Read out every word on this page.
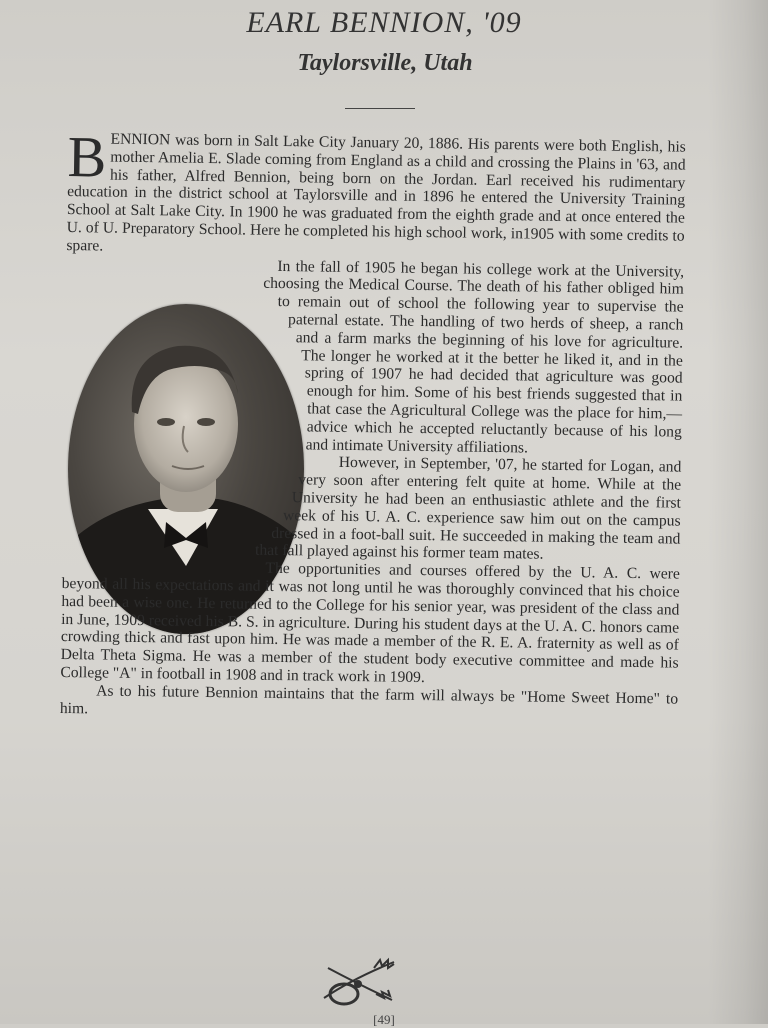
EARL BENNION, '09
Taylorsville, Utah

BENNION was born in Salt Lake City January 20, 1886. His parents were both English, his mother Amelia E. Slade coming from England as a child and crossing the Plains in '63, and his father, Alfred Bennion, being born on the Jordan. Earl received his rudimentary education in the district school at Taylorsville and in 1896 he entered the University Training School at Salt Lake City. In 1900 he was graduated from the eighth grade and at once entered the U. of U. Preparatory School. Here he completed his high school work, in1905 with some credits to spare.

In the fall of 1905 he began his college work at the University, choosing the Medical Course. The death of his father obliged him to remain out of school the following year to supervise the paternal estate. The handling of two herds of sheep, a ranch and a farm marks the beginning of his love for agriculture. The longer he worked at it the better he liked it, and in the spring of 1907 he had decided that agriculture was good enough for him. Some of his best friends suggested that in that case the Agricultural College was the place for him,—advice which he accepted reluctantly because of his long and intimate University affiliations.

However, in September, '07, he started for Logan, and very soon after entering felt quite at home. While at the University he had been an enthusiastic athlete and the first week of his U. A. C. experience saw him out on the campus dressed in a foot-ball suit. He succeeded in making the team and that fall played against his former team mates.

The opportunities and courses offered by the U. A. C. were beyond all his expectations and it was not long until he was thoroughly convinced that his choice had been a wise one. He returned to the College for his senior year, was president of the class and in June, 1909 received his B. S. in agriculture. During his student days at the U. A. C. honors came crowding thick and fast upon him. He was made a member of the R. E. A. fraternity as well as of Delta Theta Sigma. He was a member of the student body executive committee and made his College "A" in football in 1908 and in track work in 1909.

As to his future Bennion maintains that the farm will always be "Home Sweet Home" to him.

[49]
